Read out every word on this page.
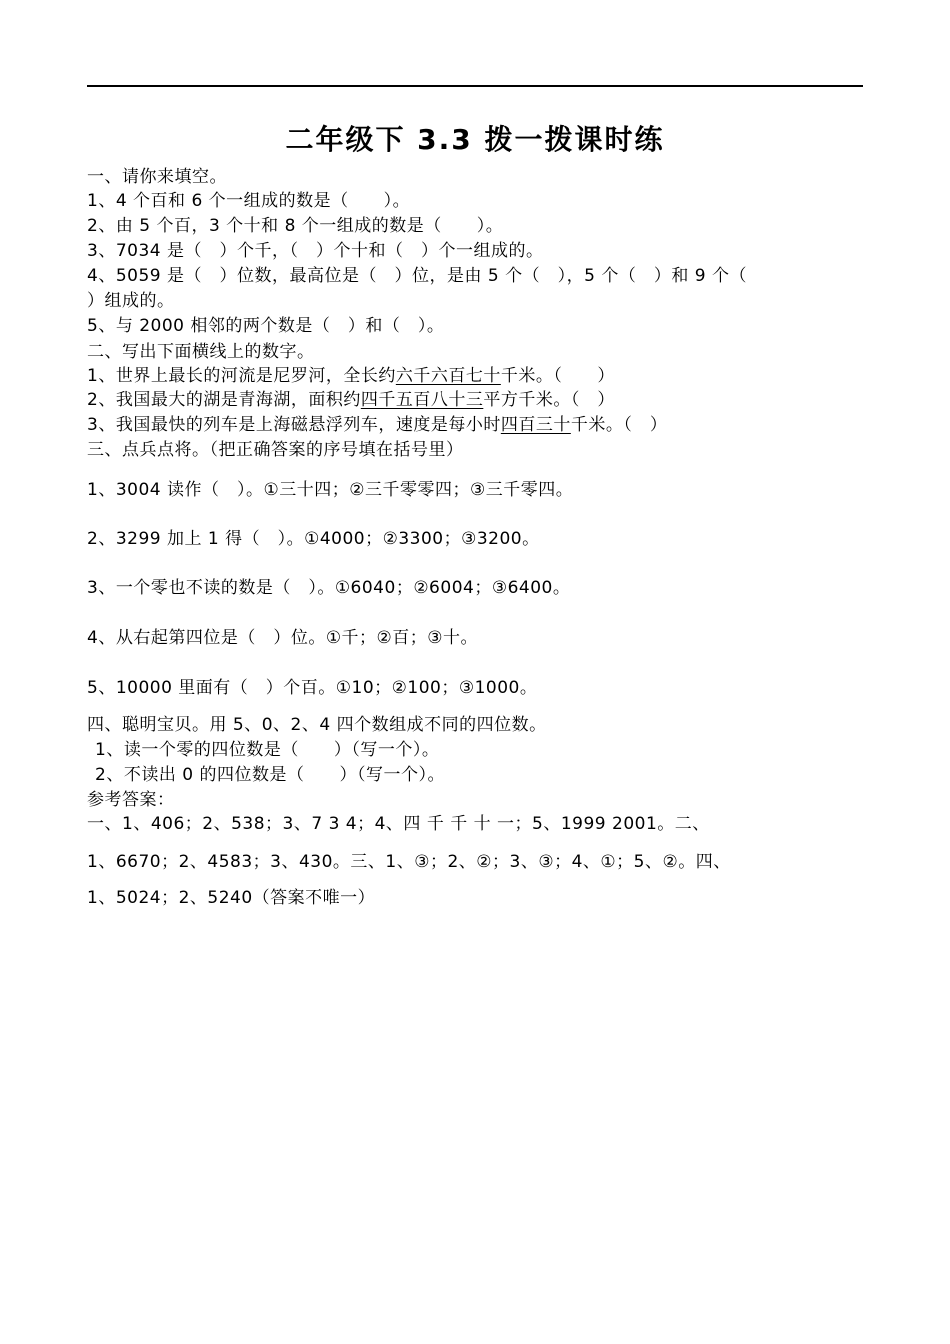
二年级下 3.3 拨一拨课时练
一、请你来填空。
1、4 个百和 6 个一组成的数是（　　）。
2、由 5 个百，3 个十和 8 个一组成的数是（　　）。
3、7034 是（　）个千，（　）个十和（　）个一组成的。
4、5059 是（　）位数，最高位是（　）位，是由 5 个（　），5 个（　）和 9 个（
）组成的。
5、与 2000 相邻的两个数是（　）和（　）。
二、写出下面横线上的数字。
1、世界上最长的河流是尼罗河，全长约六千六百七十千米。（　　）
2、我国最大的湖是青海湖，面积约四千五百八十三平方千米。（　）
3、我国最快的列车是上海磁悬浮列车，速度是每小时四百三十千米。（　）
三、点兵点将。（把正确答案的序号填在括号里）
1、3004 读作（　）。①三十四；②三千零零四；③三千零四。
2、3299 加上 1 得（　）。①4000；②3300；③3200。
3、一个零也不读的数是（　）。①6040；②6004；③6400。
4、从右起第四位是（　）位。①千；②百；③十。
5、10000 里面有（　）个百。①10；②100；③1000。
四、聪明宝贝。用 5、0、2、4 四个数组成不同的四位数。
1、读一个零的四位数是（　　）（写一个）。
2、不读出 0 的四位数是（　　）（写一个）。
参考答案：
一、1、406；2、538；3、7 3 4；4、四 千 千 十 一；5、1999 2001。二、
1、6670；2、4583；3、430。三、1、③；2、②；3、③；4、①；5、②。四、
1、5024；2、5240（答案不唯一）
